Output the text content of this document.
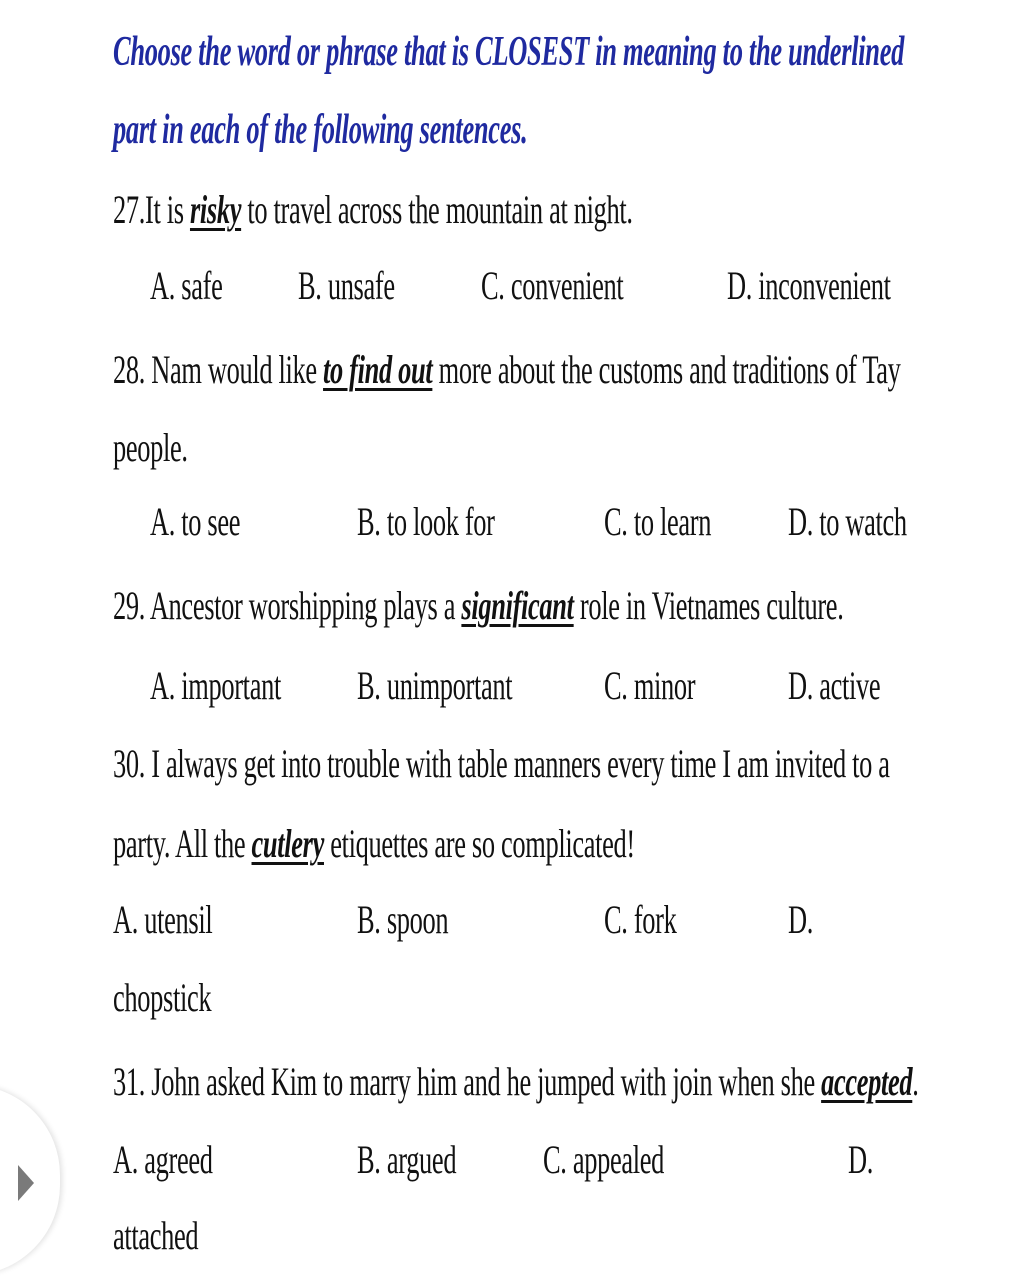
Choose the word or phrase that is CLOSEST in meaning to the underlined
part in each of the following sentences.
27.It is risky to travel across the mountain at night.
A. safe B. unsafe C. convenient	D. inconvenient
28. Nam would like to find out more about the customs and traditions of Tay
people.
A. to see	B. to look for	C. to learn D. to watch
29. Ancestor worshipping plays a significant role in Vietnames culture.
A. important B. unimportant C. minor D. active
30. I always get into trouble with table manners every time I am invited to a
party. All the cutlery etiquettes are so complicated!
A. utensil	B. spoon	C. fork	D.
chopstick
31. John asked Kim to marry him and he jumped with join when she accepted.
A. agreed	B. argued C. appealed	D.
attached
